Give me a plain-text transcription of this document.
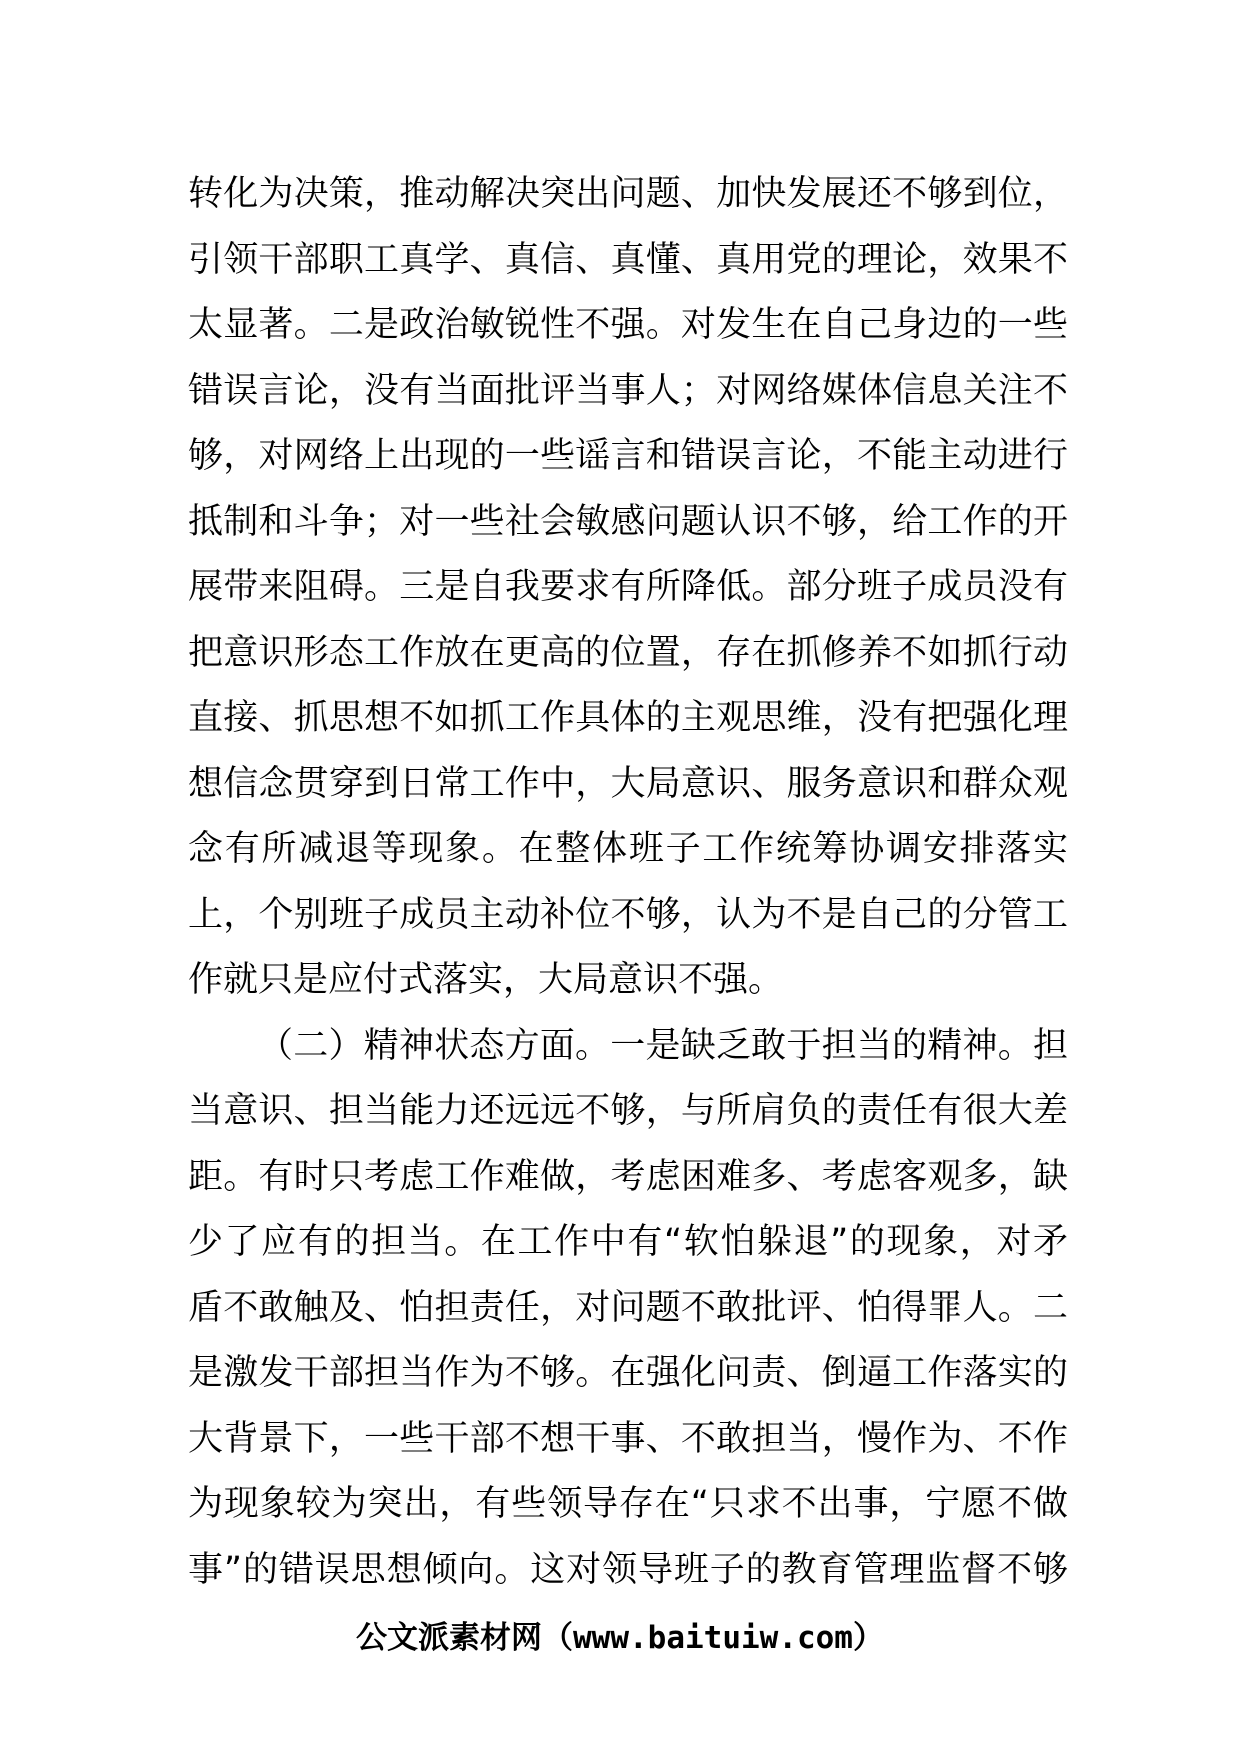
转化为决策，推动解决突出问题、加快发展还不够到位，
引领干部职工真学、真信、真懂、真用党的理论，效果不
太显著。二是政治敏锐性不强。对发生在自己身边的一些
错误言论，没有当面批评当事人；对网络媒体信息关注不
够，对网络上出现的一些谣言和错误言论，不能主动进行
抵制和斗争；对一些社会敏感问题认识不够，给工作的开
展带来阻碍。三是自我要求有所降低。部分班子成员没有
把意识形态工作放在更高的位置，存在抓修养不如抓行动
直接、抓思想不如抓工作具体的主观思维，没有把强化理
想信念贯穿到日常工作中，大局意识、服务意识和群众观
念有所减退等现象。在整体班子工作统筹协调安排落实
上，个别班子成员主动补位不够，认为不是自己的分管工
作就只是应付式落实，大局意识不强。
（二）精神状态方面。一是缺乏敢于担当的精神。担
当意识、担当能力还远远不够，与所肩负的责任有很大差
距。有时只考虑工作难做，考虑困难多、考虑客观多，缺
少了应有的担当。在工作中有“软怕躲退”的现象，对矛
盾不敢触及、怕担责任，对问题不敢批评、怕得罪人。二
是激发干部担当作为不够。在强化问责、倒逼工作落实的
大背景下，一些干部不想干事、不敢担当，慢作为、不作
为现象较为突出，有些领导存在“只求不出事，宁愿不做
事”的错误思想倾向。这对领导班子的教育管理监督不够
公文派素材网（www.baituiw.com）
